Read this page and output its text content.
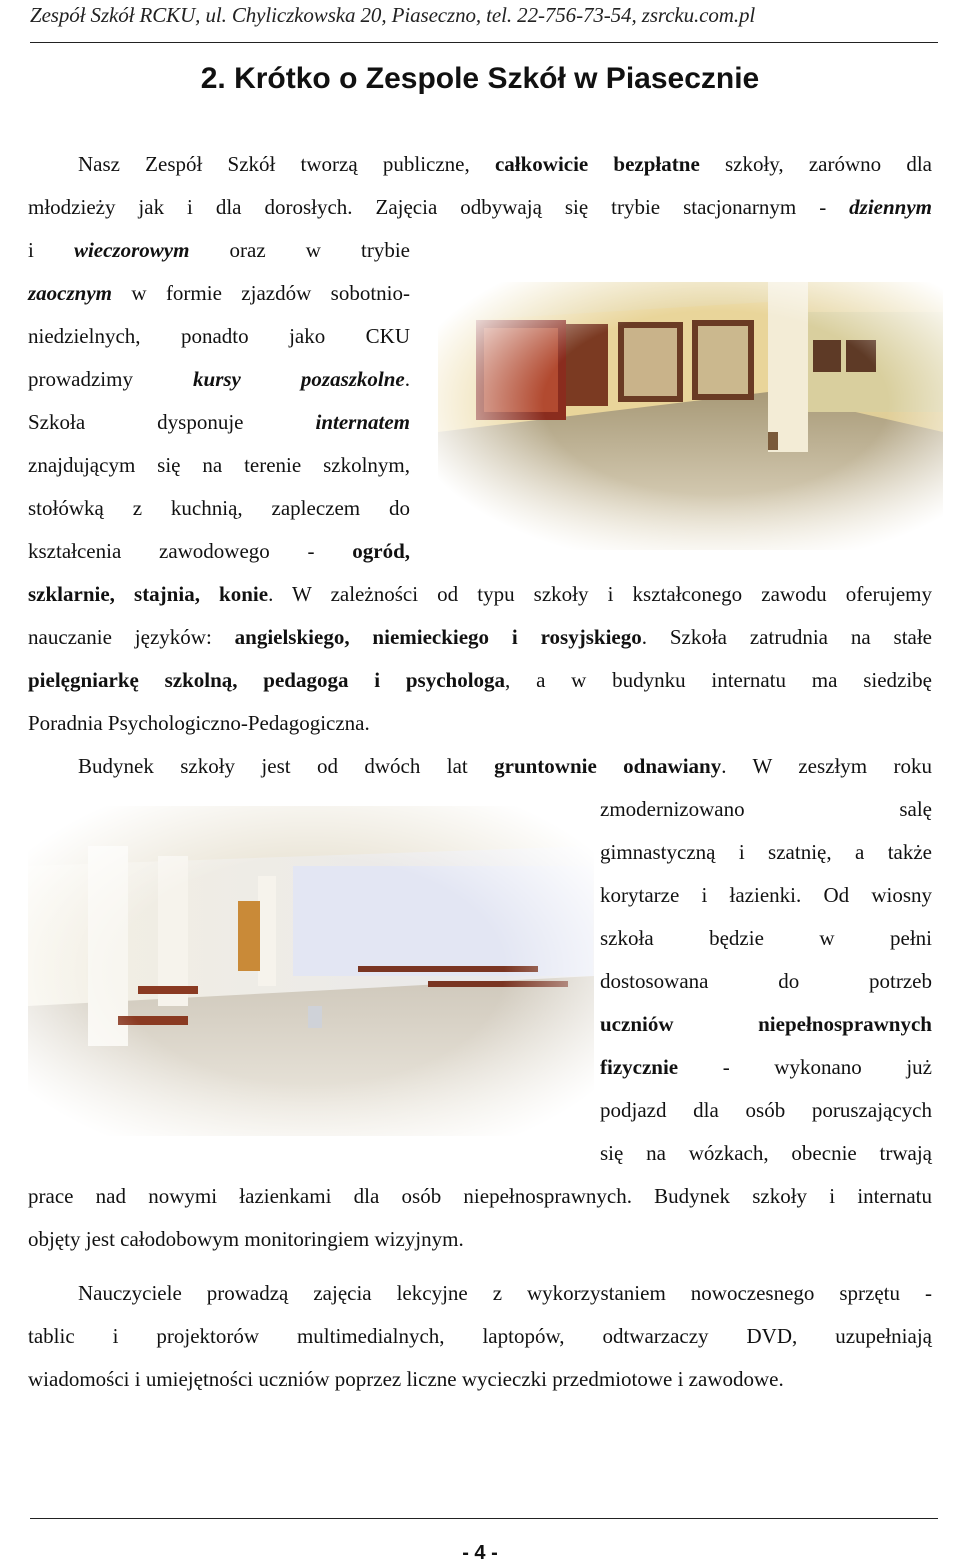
Zespół Szkół RCKU, ul. Chyliczkowska 20, Piaseczno, tel. 22-756-73-54, zsrcku.com.pl
2. Krótko o Zespole Szkół w Piasecznie
Nasz Zespół Szkół tworzą publiczne, całkowicie bezpłatne szkoły, zarówno dla
młodzieży jak i dla dorosłych. Zajęcia odbywają się trybie stacjonarnym - dziennym
i wieczorowym oraz w trybie
zaocznym w formie zjazdów sobotnio-
niedzielnych, ponadto jako CKU
prowadzimy kursy pozaszkolne.
Szkoła dysponuje internatem
znajdującym się na terenie szkolnym,
stołówką z kuchnią, zapleczem do
kształcenia zawodowego - ogród,
szklarnie, stajnia, konie. W zależności od typu szkoły i kształconego zawodu oferujemy
nauczanie języków: angielskiego, niemieckiego i rosyjskiego. Szkoła zatrudnia na stałe
pielęgniarkę szkolną, pedagoga i psychologa, a w budynku internatu ma siedzibę
Poradnia Psychologiczno-Pedagogiczna.
Budynek szkoły jest od dwóch lat gruntownie odnawiany. W zeszłym roku
zmodernizowano salę
gimnastyczną i szatnię, a także
korytarze i łazienki. Od wiosny
szkoła będzie w pełni
dostosowana do potrzeb
uczniów niepełnosprawnych
fizycznie - wykonano już
podjazd dla osób poruszających
się na wózkach, obecnie trwają
prace nad nowymi łazienkami dla osób niepełnosprawnych. Budynek szkoły i internatu
objęty jest całodobowym monitoringiem wizyjnym.
Nauczyciele prowadzą zajęcia lekcyjne z wykorzystaniem nowoczesnego sprzętu -
tablic i projektorów multimedialnych, laptopów, odtwarzaczy DVD, uzupełniają
wiadomości i umiejętności uczniów poprzez liczne wycieczki przedmiotowe i zawodowe.
- 4 -
